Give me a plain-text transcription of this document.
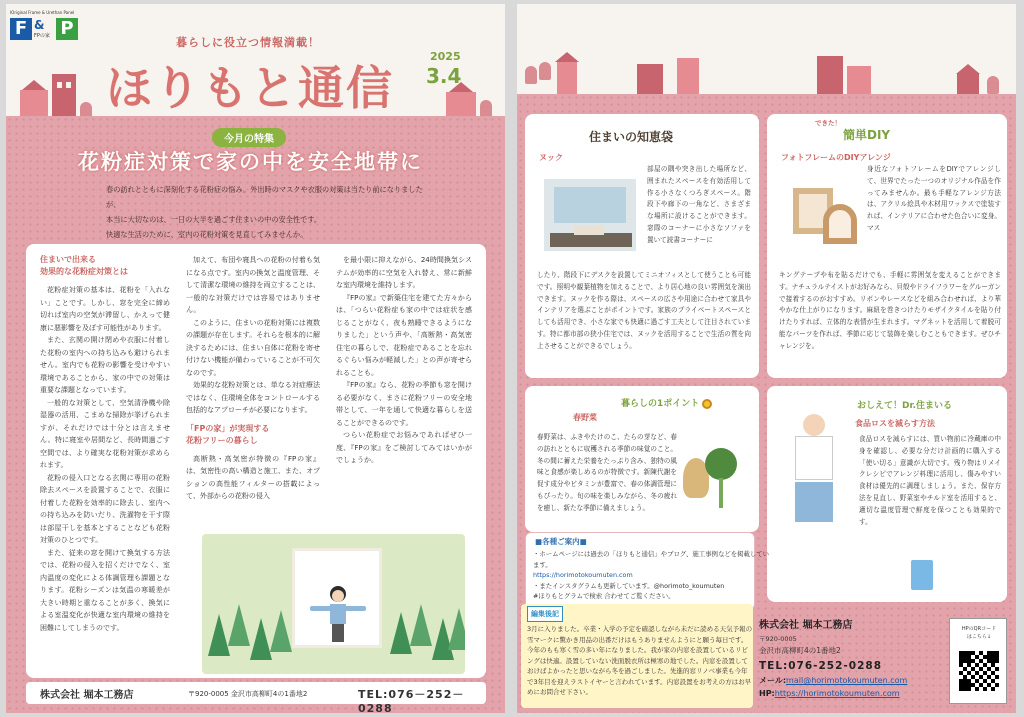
IOriginal Frame & Urethan Panel
F &
FPの家 P
暮らしに役立つ情報満載！
ほりもと通信
2025
3.4
今月の特集
花粉症対策で家の中を安全地帯に
春の訪れとともに深刻化する花粉症の悩み。外出時のマスクや衣服の対策は当たり前になりましたが、
本当に大切なのは、一日の大半を過ごす住まいの中の安全性です。
快適な生活のために、室内の花粉対策を見直してみませんか。
住まいで出来る
効果的な花粉症対策とは

花粉症対策の基本は、花粉を「入れない」ことです。しかし、窓を完全に締め切れば室内の空気が滞留し、かえって健康に悪影響を及ぼす可能性があります。

また、玄関の開け閉めや衣服に付着した花粉の室内への持ち込みも避けられません。室内でも花粉の影響を受けやすい環境であることから、家の中での対策は重要な課題となっています。

一般的な対策として、空気清浄機や除湿器の活用、こまめな掃除が挙げられますが、それだけでは十分とは言えません。特に寝室や居間など、長時間過ごす空間では、より確実な花粉対策が求められます。

花粉の侵入口となる玄関に専用の花粉除去スペースを設置することで、衣服に付着した花粉を効率的に除去し、室内への持ち込みを防いだり、洗濯物を干す際は部屋干しを基本とすることなども花粉対策のひとつです。

また、従来の窓を開けて換気する方法では、花粉の侵入を招くだけでなく、室内温度の変化による体調管理も課題となります。花粉シーズンは気温の寒暖差が大きい時期と重なることが多く、換気による室温変化が快適な室内環境の維持を困難にしてしまうのです。

加えて、布団や寝具への花粉の付着も気になる点です。室内の換気と温度管理、そして清潔な環境の維持を両立することは、一般的な対策だけでは容易ではありません。

このように、住まいの花粉対策には複数の課題が存在します。それらを根本的に解決するためには、住まい自体に花粉を寄せ付けない機能が備わっていることが不可欠なのです。

効果的な花粉対策とは、単なる対症療法ではなく、住環境全体をコントロールする包括的なアプローチが必要になります。

「FPの家」が実現する
花粉フリーの暮らし

高断熱・高気密が特徴の『FPの家』は、気密性の高い構造と施工、また、オプションの高性能フィルターの搭載によって、外部からの花粉の侵入

を最小限に抑えながら、24時間換気システムが効率的に空気を入れ替え、常に新鮮な室内環境を維持します。

『FPの家』で新築住宅を建てた方々からは、「つらい花粉症も家の中では症状を感じることがなく、夜も熟睡できるようになりました」という声や、「高断熱・高気密住宅の暮らしで、花粉症であることを忘れるぐらい悩みが軽減した」との声が寄せられることも。

『FPの家』なら、花粉の季節も窓を開ける必要がなく、まさに花粉フリーの安全地帯として、一年を通して快適な暮らしを送ることができるのです。

つらい花粉症でお悩みであればぜひ一度、『FPの家』をご検討してみてはいかがでしょうか。

株式会社 堀本工務店	〒920-0005 金沢市高柳町4の1番地2	TEL:076－252－0288
住まいの知恵袋
ヌック
部屋の隅や突き出した場所など、囲まれたスペースを有効活用して作る小さなくつろぎスペース。階段下や廊下の一角など、さまざまな場所に設けることができます。窓際のコーナーに小さなソファを置いて読書コーナーに
したり、階段下にデスクを設置してミニオフィスとして使うことも可能です。照明や観葉植物を加えることで、より居心地の良い雰囲気を演出できます。ヌックを作る際は、スペースの広さや用途に合わせて家具やインテリアを選ぶことがポイントです。家族のプライベートスペースとしても活用でき、小さな家でも快適に過ごす工夫として注目されています。特に都市部の狭小住宅では、ヌックを活用することで生活の質を向上させることができるでしょう。
できた！
簡単DIY
フォトフレームのDIYアレンジ
身近なフォトフレームをDIYでアレンジして、世界でたった一つのオリジナル作品を作ってみませんか。最も手軽なアレンジ方法は、アクリル絵具や木材用ワックスで塗装すれば、インテリアに合わせた色合いに変身。マス
キングテープや布を貼るだけでも、手軽に雰囲気を変えることができます。ナチュラルテイストがお好みなら、貝殻やドライフラワーをグルーガンで接着するのがおすすめ。リボンやレースなどを組み合わせれば、より華やかな仕上がりになります。麻紐を巻きつけたりモザイクタイルを貼り付けたりすれば、立体的な表情が生まれます。マグネットを活用して着脱可能なパーツを作れば、季節に応じて装飾を楽しむこともできます。ぜひチャレンジを。
暮らしの1ポイント
春野菜
春野菜は、ふきやたけのこ、たらの芽など、春の訪れとともに収穫される季節の味覚のこと。冬の間に蓄えた栄養をたっぷり含み、独特の風味と食感が楽しめるのが特徴です。新陳代謝を促す成分やビタミンが豊富で、春の体調管理にもぴったり。旬の味を楽しみながら、冬の疲れを癒し、新たな季節に備えましょう。
おしえて！Dr.住まいる
食品ロスを減らす方法
食品ロスを減らすには、買い物前に冷蔵庫の中身を確認し、必要な分だけ計画的に購入する「使い切る」意識が大切です。残り物はリメイクレシピでアレンジ料理に活用し、傷みやすい食材は優先的に調理しましょう。また、保存方法を見直し、野菜室やチルド室を活用すると、適切な温度管理で鮮度を保つことも効果的です。
■各種ご案内■
・ホームページには過去の「ほりもと通信」やブログ、施工事例などを掲載しています。
https://horimotokoumuten.com
・またインスタグラムも更新しています。@horimoto_koumuten
#ほりもとグラムで検索 合わせてご覧ください。
編集後記
3月に入りました。卒業・入学の予定を確認しながら未だに読める天気予報の雪マークに驚かき用品の出番だけはもうありませんようにと願う毎日です。今年のもも寒く雪の多い年になりました。我が家の内窓を設置しているリビングは快適。設置していない洗面脱衣所は極寒の地でした。内窓を設置しておけばよかったと思いながら冬を過ごしました。先進的窓リノベ事業も今年で3年目を迎えラストイヤーと言われています。内窓設置をお考えの方はお早めにお問合せ下さい。
株式会社 堀本工務店
〒920-0005
金沢市高柳町4の1番地2
TEL:076-252-0288
メール:mail@horimotokoumuten.com
HP:https://horimotokoumuten.com
HPのQRコード
はこちら↓
